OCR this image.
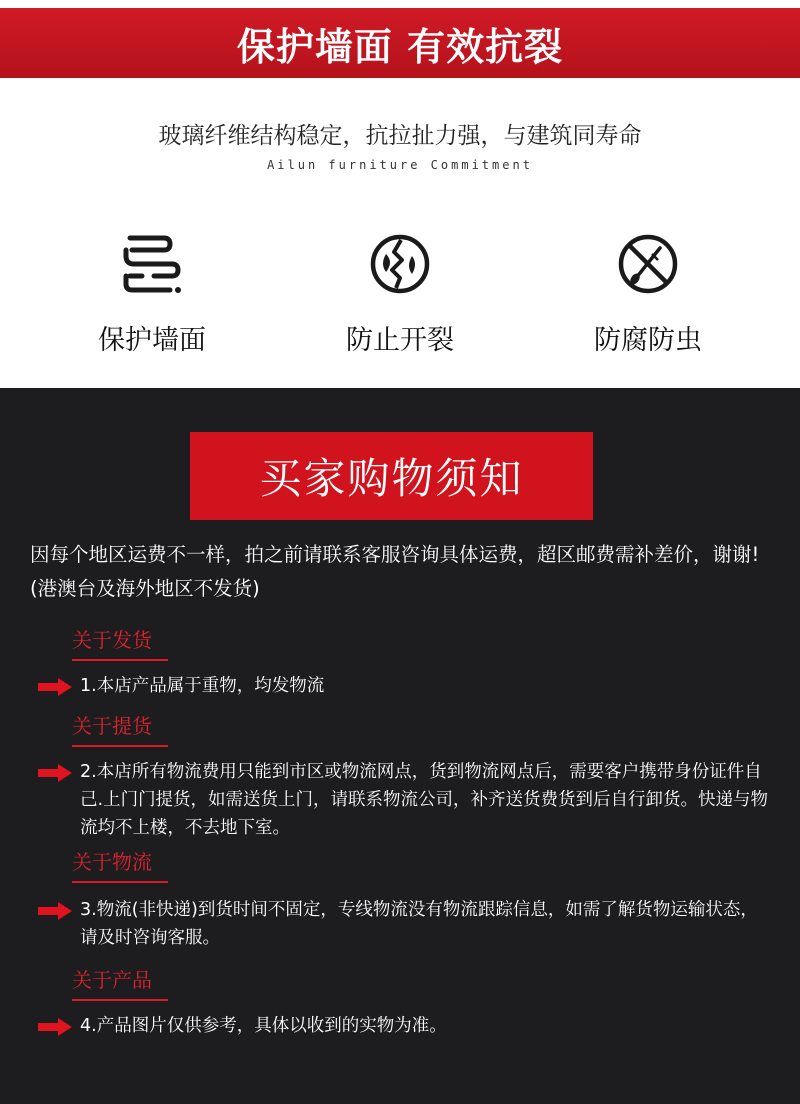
保护墙面 有效抗裂
玻璃纤维结构稳定，抗拉扯力强，与建筑同寿命
Ailun furniture Commitment
保护墙面	防止开裂	防腐防虫
买家购物须知
因每个地区运费不一样，拍之前请联系客服咨询具体运费，超区邮费需补差价，谢谢! (港澳台及海外地区不发货)
关于发货
1.本店产品属于重物，均发物流
关于提货
2.本店所有物流费用只能到市区或物流网点，货到物流网点后，需要客户携带身份证件自己.上门门提货，如需送货上门，请联系物流公司，补齐送货费货到后自行卸货。快递与物流均不上楼，不去地下室。
关于物流
3.物流(非快递)到货时间不固定，专线物流没有物流跟踪信息，如需了解货物运输状态，请及时咨询客服。
关于产品
4.产品图片仅供参考，具体以收到的实物为准。
